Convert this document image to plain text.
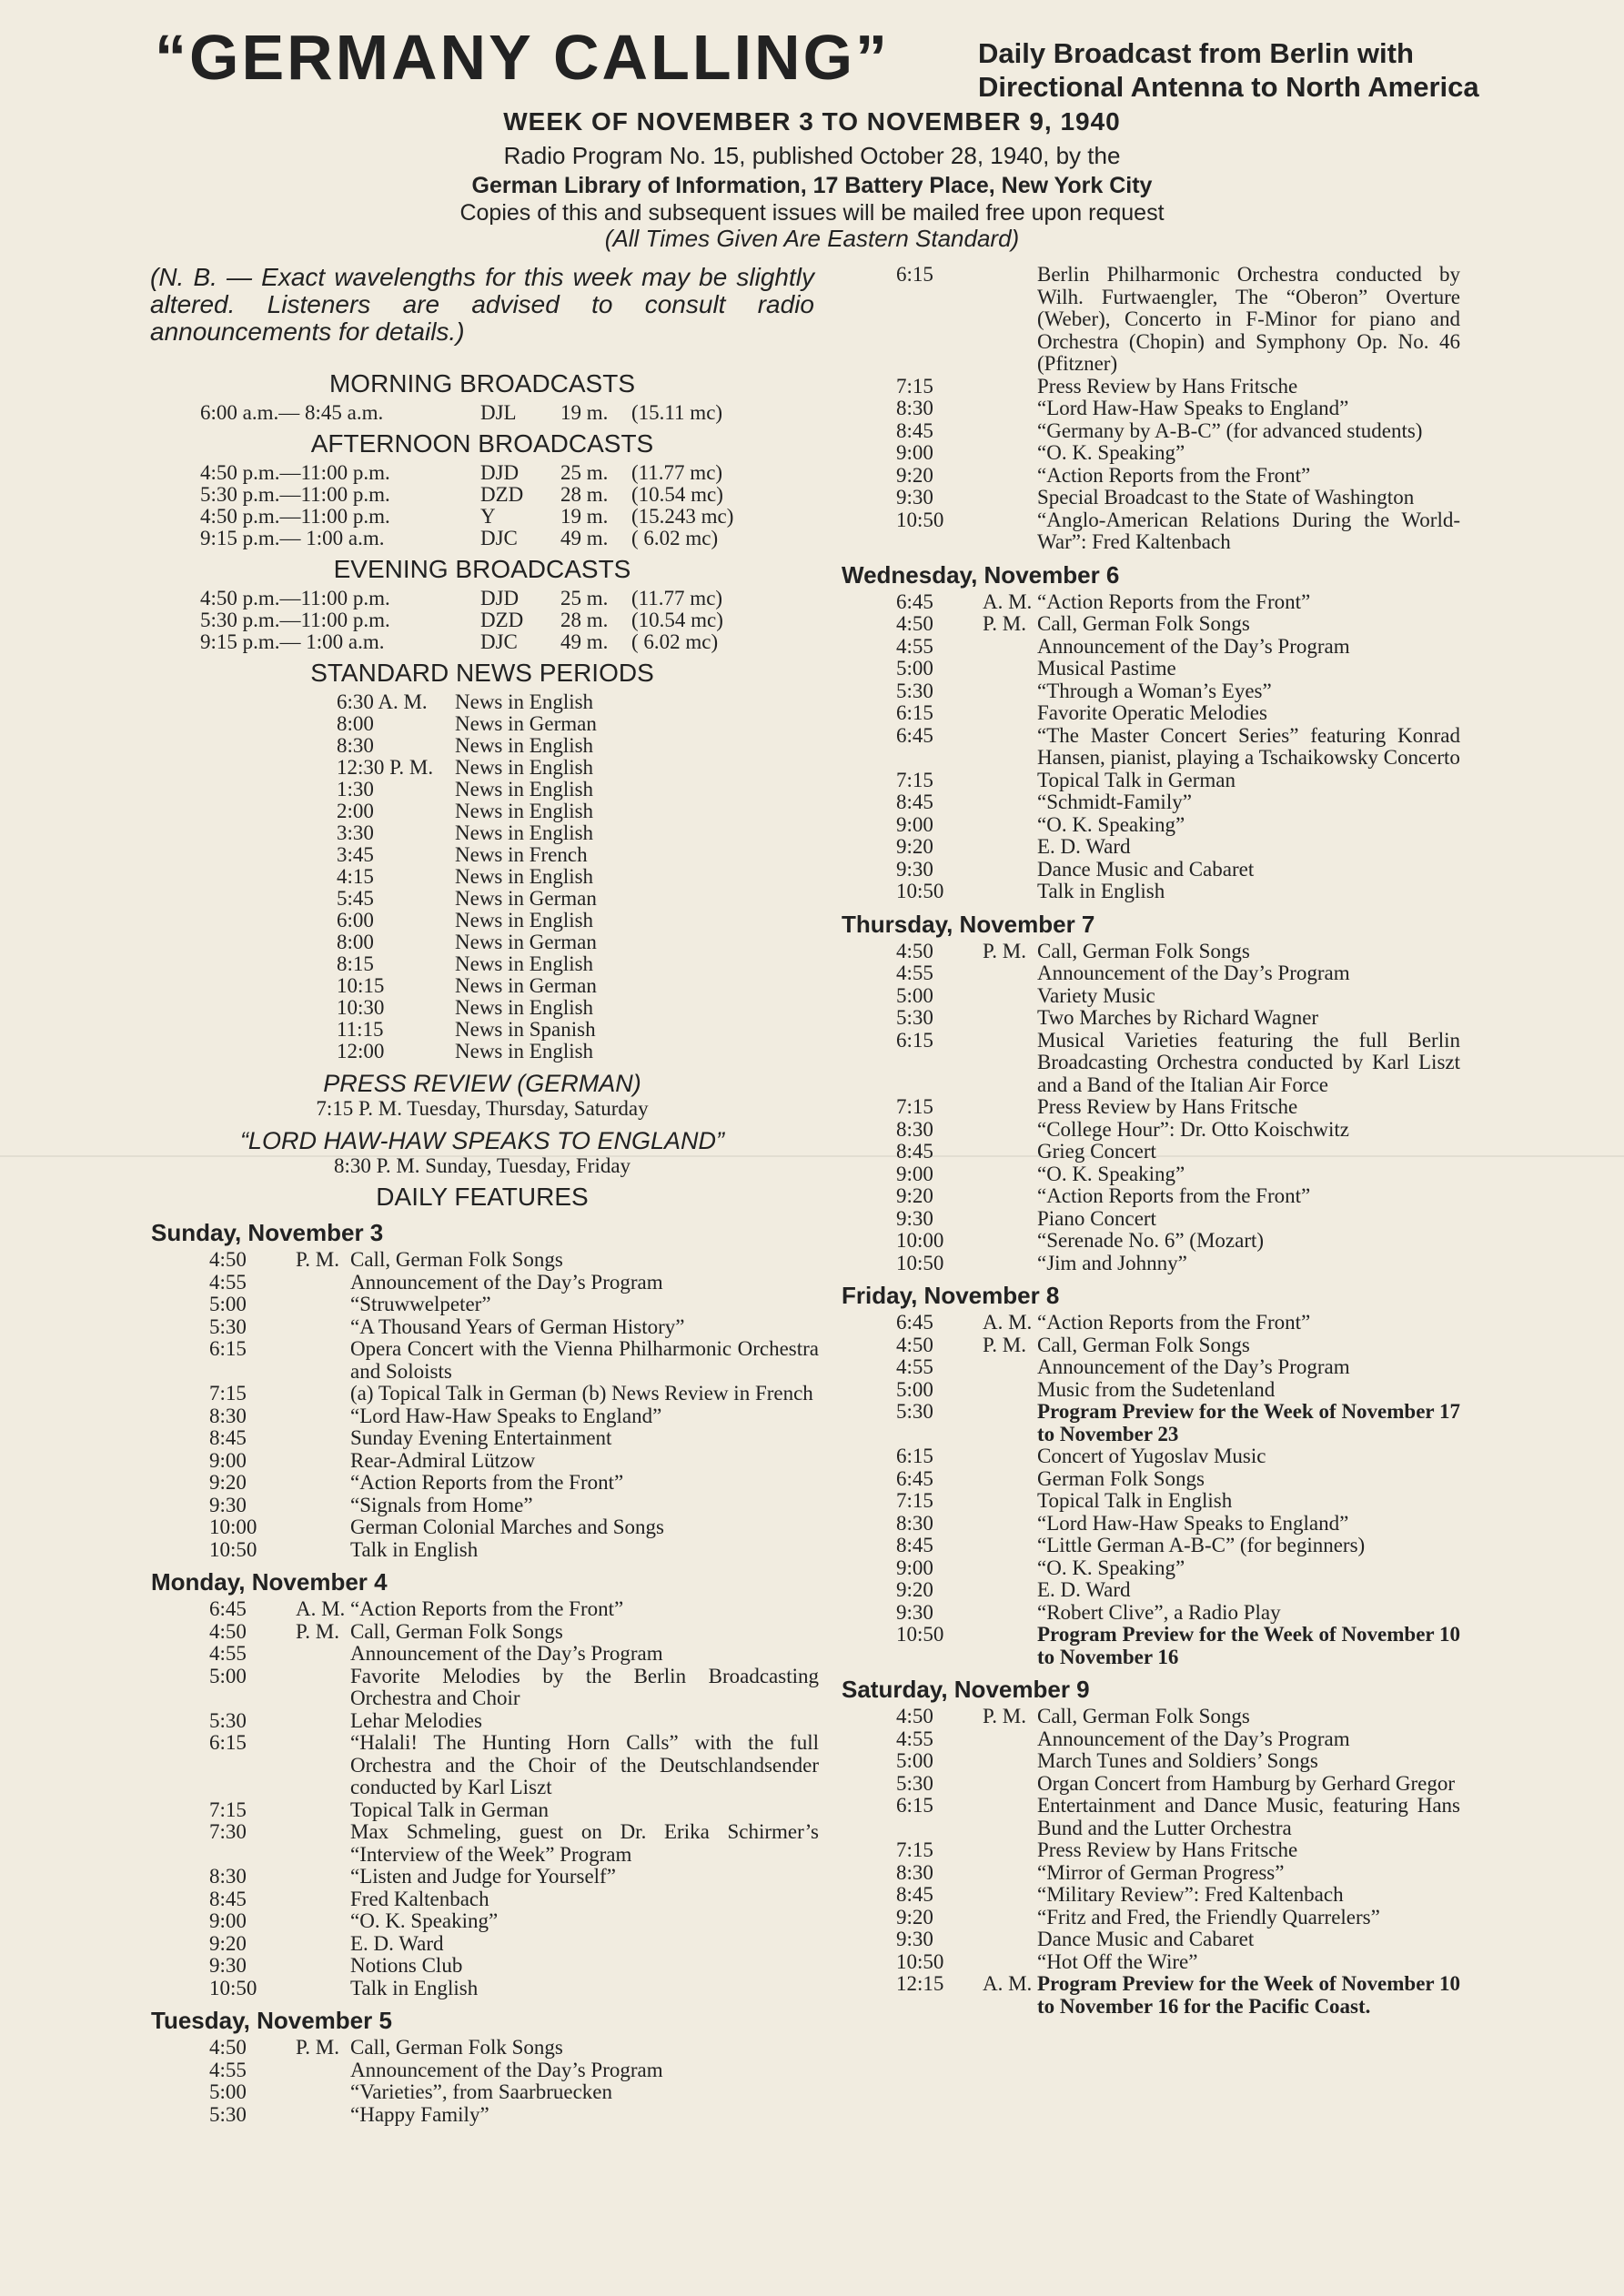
“GERMANY CALLING”	Daily Broadcast from Berlin with
Directional Antenna to North America
WEEK OF NOVEMBER 3 TO NOVEMBER 9, 1940
Radio Program No. 15, published October 28, 1940, by the
German Library of Information, 17 Battery Place, New York City
Copies of this and subsequent issues will be mailed free upon request
(All Times Given Are Eastern Standard)
(N. B. — Exact wavelengths for this week may be slightly altered. Listeners are advised to consult radio announcements for details.)
MORNING BROADCASTS
6:00 a.m.— 8:45 a.m.	DJL	19 m.	(15.11 mc)
AFTERNOON BROADCASTS
4:50 p.m.—11:00 p.m.	DJD	25 m.	(11.77 mc)
5:30 p.m.—11:00 p.m.	DZD	28 m.	(10.54 mc)
4:50 p.m.—11:00 p.m.	Y	19 m.	(15.243 mc)
9:15 p.m.— 1:00 a.m.	DJC	49 m.	( 6.02 mc)
EVENING BROADCASTS
4:50 p.m.—11:00 p.m.	DJD	25 m.	(11.77 mc)
5:30 p.m.—11:00 p.m.	DZD	28 m.	(10.54 mc)
9:15 p.m.— 1:00 a.m.	DJC	49 m.	( 6.02 mc)
STANDARD NEWS PERIODS
6:30 A. M.	News in English
8:00	News in German
8:30	News in English
12:30 P. M.	News in English
1:30	News in English
2:00	News in English
3:30	News in English
3:45	News in French
4:15	News in English
5:45	News in German
6:00	News in English
8:00	News in German
8:15	News in English
10:15	News in German
10:30	News in English
11:15	News in Spanish
12:00	News in English
PRESS REVIEW (GERMAN)
7:15 P. M. Tuesday, Thursday, Saturday
“LORD HAW-HAW SPEAKS TO ENGLAND”
8:30 P. M. Sunday, Tuesday, Friday
DAILY FEATURES
Sunday, November 3
4:50	P. M. Call, German Folk Songs
4:55	Announcement of the Day’s Program
5:00	“Struwwelpeter”
5:30	“A Thousand Years of German History”
6:15	Opera Concert with the Vienna Philharmonic Orchestra and Soloists
7:15	(a) Topical Talk in German (b) News Review in French
8:30	“Lord Haw-Haw Speaks to England”
8:45	Sunday Evening Entertainment
9:00	Rear-Admiral Lützow
9:20	“Action Reports from the Front”
9:30	“Signals from Home”
10:00	German Colonial Marches and Songs
10:50	Talk in English
Monday, November 4
6:45	A. M. “Action Reports from the Front”
4:50	P. M. Call, German Folk Songs
4:55	Announcement of the Day’s Program
5:00	Favorite Melodies by the Berlin Broadcasting Orchestra and Choir
5:30	Lehar Melodies
6:15	“Halali! The Hunting Horn Calls” with the full Orchestra and the Choir of the Deutschlandsender conducted by Karl Liszt
7:15	Topical Talk in German
7:30	Max Schmeling, guest on Dr. Erika Schirmer’s “Interview of the Week” Program
8:30	“Listen and Judge for Yourself”
8:45	Fred Kaltenbach
9:00	“O. K. Speaking”
9:20	E. D. Ward
9:30	Notions Club
10:50	Talk in English
Tuesday, November 5
4:50	P. M. Call, German Folk Songs
4:55	Announcement of the Day’s Program
5:00	“Varieties”, from Saarbruecken
5:30	“Happy Family”
6:15	Berlin Philharmonic Orchestra conducted by Wilh. Furtwaengler, The “Oberon” Overture (Weber), Concerto in F-Minor for piano and Orchestra (Chopin) and Symphony Op. No. 46 (Pfitzner)
7:15	Press Review by Hans Fritsche
8:30	“Lord Haw-Haw Speaks to England”
8:45	“Germany by A-B-C” (for advanced students)
9:00	“O. K. Speaking”
9:20	“Action Reports from the Front”
9:30	Special Broadcast to the State of Washington
10:50	“Anglo-American Relations During the World-War”: Fred Kaltenbach
Wednesday, November 6
6:45	A. M. “Action Reports from the Front”
4:50	P. M. Call, German Folk Songs
4:55	Announcement of the Day’s Program
5:00	Musical Pastime
5:30	“Through a Woman’s Eyes”
6:15	Favorite Operatic Melodies
6:45	“The Master Concert Series” featuring Konrad Hansen, pianist, playing a Tschaikowsky Concerto
7:15	Topical Talk in German
8:45	“Schmidt-Family”
9:00	“O. K. Speaking”
9:20	E. D. Ward
9:30	Dance Music and Cabaret
10:50	Talk in English
Thursday, November 7
4:50	P. M. Call, German Folk Songs
4:55	Announcement of the Day’s Program
5:00	Variety Music
5:30	Two Marches by Richard Wagner
6:15	Musical Varieties featuring the full Berlin Broadcasting Orchestra conducted by Karl Liszt and a Band of the Italian Air Force
7:15	Press Review by Hans Fritsche
8:30	“College Hour”: Dr. Otto Koischwitz
8:45	Grieg Concert
9:00	“O. K. Speaking”
9:20	“Action Reports from the Front”
9:30	Piano Concert
10:00	“Serenade No. 6” (Mozart)
10:50	“Jim and Johnny”
Friday, November 8
6:45	A. M. “Action Reports from the Front”
4:50	P. M. Call, German Folk Songs
4:55	Announcement of the Day’s Program
5:00	Music from the Sudetenland
5:30	Program Preview for the Week of November 17 to November 23
6:15	Concert of Yugoslav Music
6:45	German Folk Songs
7:15	Topical Talk in English
8:30	“Lord Haw-Haw Speaks to England”
8:45	“Little German A-B-C” (for beginners)
9:00	“O. K. Speaking”
9:20	E. D. Ward
9:30	“Robert Clive”, a Radio Play
10:50	Program Preview for the Week of November 10 to November 16
Saturday, November 9
4:50	P. M. Call, German Folk Songs
4:55	Announcement of the Day’s Program
5:00	March Tunes and Soldiers’ Songs
5:30	Organ Concert from Hamburg by Gerhard Gregor
6:15	Entertainment and Dance Music, featuring Hans Bund and the Lutter Orchestra
7:15	Press Review by Hans Fritsche
8:30	“Mirror of German Progress”
8:45	“Military Review”: Fred Kaltenbach
9:20	“Fritz and Fred, the Friendly Quarrelers”
9:30	Dance Music and Cabaret
10:50	“Hot Off the Wire”
12:15	A. M. Program Preview for the Week of November 10 to November 16 for the Pacific Coast.
